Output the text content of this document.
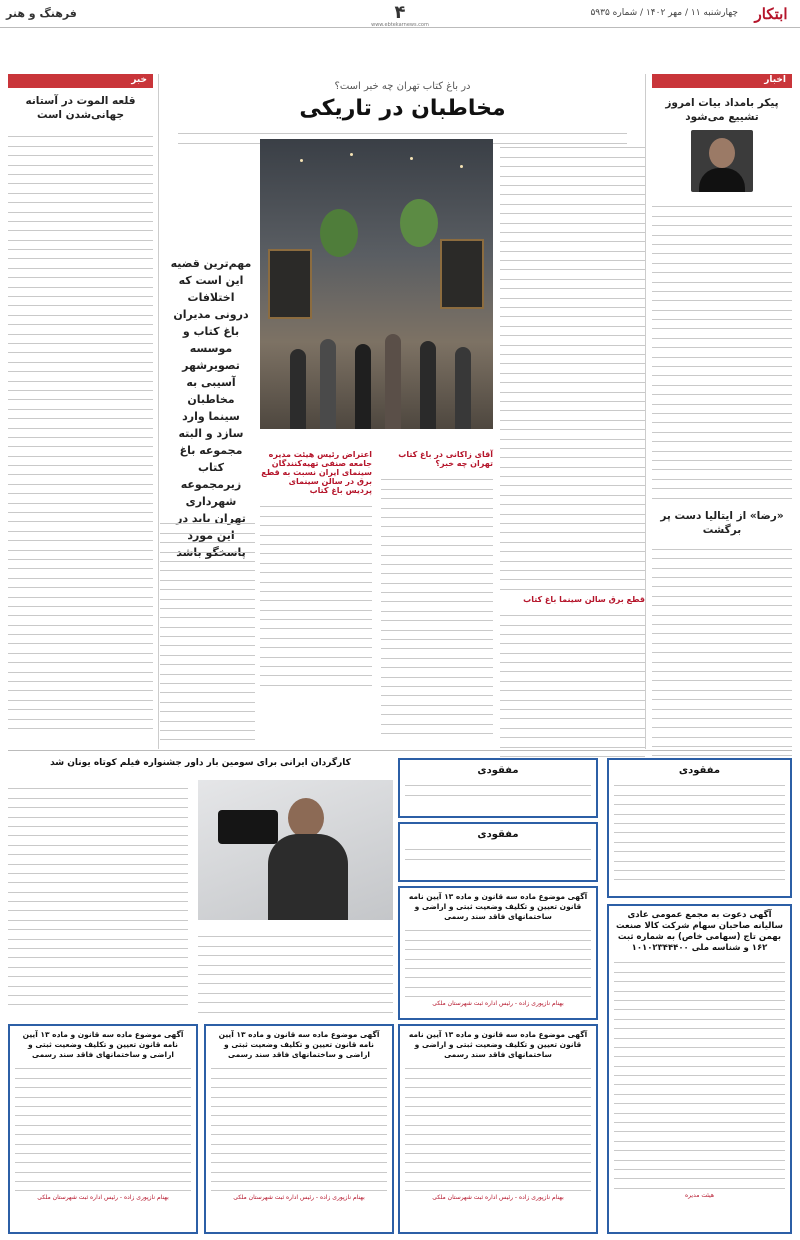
ابتکار
چهارشنبه ۱۱ / مهر ۱۴۰۲ / شماره ۵۹۳۵
۴
www.ebtekarnews.com
فرهنگ و هنر
اخبار
پیکر بامداد بیات امروز تشییع می‌شود
«رضا» از ایتالیا دست پر برگشت
خبر
قلعه الموت در آستانه جهانی‌شدن است
در باغ کتاب تهران چه خبر است؟
مخاطبان در تاریکی
مهم‌ترین قضیه این است که اختلافات درونی مدیران باغ کتاب و موسسه تصویرشهر آسیبی به مخاطبان سینما وارد سازد و البته مجموعه باغ کتاب زیرمجموعه شهرداری تهران باید در این مورد پاسخگو باشد
قطع برق سالن سینما باغ کتاب
آقای زاکانی در باغ کتاب تهران چه خبر؟
اعتراض رئیس هیئت مدیره جامعه صنفی تهیه‌کنندگان سینمای ایران نسبت به قطع برق در سالن سینمای پردیس باغ کتاب
کارگردان ایرانی برای سومین بار داور جشنواره فیلم کوتاه یونان شد
مفقودی
آگهی دعوت به مجمع عمومی عادی سالیانه صاحبان سهام شرکت کالا صنعت بهمن تاج (سهامی خاص) به شماره ثبت ۱۶۲ و شناسه ملی ۱۰۱۰۲۳۴۴۴۰۰
هیئت مدیره
مفقودی
مفقودی
آگهی موضوع ماده سه قانون و ماده ۱۳ آیین نامه قانون تعیین و تکلیف وضعیت ثبتی و اراضی و ساختمانهای فاقد سند رسمی
بهنام نازپوری زاده - رئیس اداره ثبت شهرستان ملکی
آگهی موضوع ماده سه قانون و ماده ۱۳ آیین نامه قانون تعیین و تکلیف وضعیت ثبتی و اراضی و ساختمانهای فاقد سند رسمی
بهنام نازپوری زاده - رئیس اداره ثبت شهرستان ملکی
آگهی موضوع ماده سه قانون و ماده ۱۳ آیین نامه قانون تعیین و تکلیف وضعیت ثبتی و اراضی و ساختمانهای فاقد سند رسمی
بهنام نازپوری زاده - رئیس اداره ثبت شهرستان ملکی
آگهی موضوع ماده سه قانون و ماده ۱۳ آیین نامه قانون تعیین و تکلیف وضعیت ثبتی و اراضی و ساختمانهای فاقد سند رسمی
بهنام نازپوری زاده - رئیس اداره ثبت شهرستان ملکی
